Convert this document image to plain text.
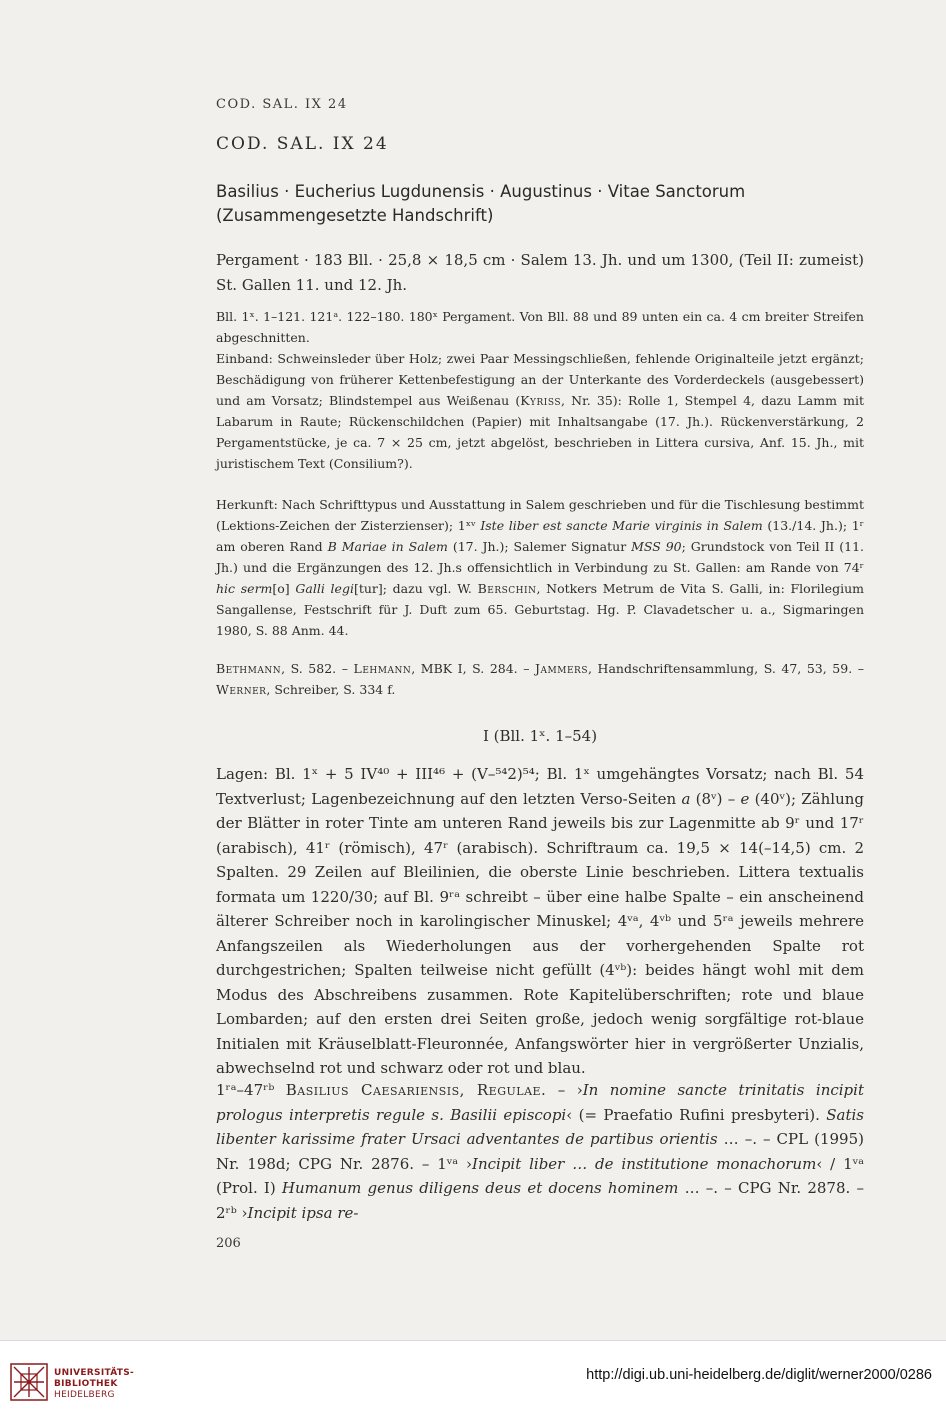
COD. SAL. IX 24
COD. SAL. IX 24
Basilius · Eucherius Lugdunensis · Augustinus · Vitae Sanctorum
(Zusammengesetzte Handschrift)
Pergament · 183 Bll. · 25,8 × 18,5 cm · Salem 13. Jh. und um 1300, (Teil II: zumeist) St. Gallen 11. und 12. Jh.
Bll. 1ˣ. 1–121. 121ᵃ. 122–180. 180ˣ Pergament. Von Bll. 88 und 89 unten ein ca. 4 cm breiter Streifen abgeschnitten.
Einband: Schweinsleder über Holz; zwei Paar Messingschließen, fehlende Originalteile jetzt ergänzt; Beschädigung von früherer Kettenbefestigung an der Unterkante des Vorderdeckels (ausgebessert) und am Vorsatz; Blindstempel aus Weißenau (Kyriss, Nr. 35): Rolle 1, Stempel 4, dazu Lamm mit Labarum in Raute; Rückenschildchen (Papier) mit Inhaltsangabe (17. Jh.). Rückenverstärkung, 2 Pergamentstücke, je ca. 7 × 25 cm, jetzt abgelöst, beschrieben in Littera cursiva, Anf. 15. Jh., mit juristischem Text (Consilium?).
Herkunft: Nach Schrifttypus und Ausstattung in Salem geschrieben und für die Tischlesung bestimmt (Lektions-Zeichen der Zisterzienser); 1ˣᵛ Iste liber est sancte Marie virginis in Salem (13./14. Jh.); 1ʳ am oberen Rand B Mariae in Salem (17. Jh.); Salemer Signatur MSS 90; Grundstock von Teil II (11. Jh.) und die Ergänzungen des 12. Jh.s offensichtlich in Verbindung zu St. Gallen: am Rande von 74ʳ hic serm[o] Galli legi[tur]; dazu vgl. W. Berschin, Notkers Metrum de Vita S. Galli, in: Florilegium Sangallense, Festschrift für J. Duft zum 65. Geburtstag. Hg. P. Clavadetscher u. a., Sigmaringen 1980, S. 88 Anm. 44.
Bethmann, S. 582. – Lehmann, MBK I, S. 284. – Jammers, Handschriftensammlung, S. 47, 53, 59. – Werner, Schreiber, S. 334 f.
I (Bll. 1ˣ. 1–54)
Lagen: Bl. 1ˣ + 5 IV⁴⁰ + III⁴⁶ + (V–⁵⁴2)⁵⁴; Bl. 1ˣ umgehängtes Vorsatz; nach Bl. 54 Textverlust; Lagenbezeichnung auf den letzten Verso-Seiten a (8ᵛ) – e (40ᵛ); Zählung der Blätter in roter Tinte am unteren Rand jeweils bis zur Lagenmitte ab 9ʳ und 17ʳ (arabisch), 41ʳ (römisch), 47ʳ (arabisch). Schriftraum ca. 19,5 × 14(–14,5) cm. 2 Spalten. 29 Zeilen auf Bleilinien, die oberste Linie beschrieben. Littera textualis formata um 1220/30; auf Bl. 9ʳᵃ schreibt – über eine halbe Spalte – ein anscheinend älterer Schreiber noch in karolingischer Minuskel; 4ᵛᵃ, 4ᵛᵇ und 5ʳᵃ jeweils mehrere Anfangszeilen als Wiederholungen aus der vorhergehenden Spalte rot durchgestrichen; Spalten teilweise nicht gefüllt (4ᵛᵇ): beides hängt wohl mit dem Modus des Abschreibens zusammen. Rote Kapitelüberschriften; rote und blaue Lombarden; auf den ersten drei Seiten große, jedoch wenig sorgfältige rot-blaue Initialen mit Kräuselblatt-Fleuronnée, Anfangswörter hier in vergrößerter Unzialis, abwechselnd rot und schwarz oder rot und blau.
1ʳᵃ–47ʳᵇ Basilius Caesariensis, Regulae. – ›In nomine sancte trinitatis incipit prologus interpretis regule s. Basilii episcopi‹ (= Praefatio Rufini presbyteri). Satis libenter karissime frater Ursaci adventantes de partibus orientis … –. – CPL (1995) Nr. 198d; CPG Nr. 2876. – 1ᵛᵃ ›Incipit liber … de institutione monachorum‹ / 1ᵛᵃ (Prol. I) Humanum genus diligens deus et docens hominem … –. – CPG Nr. 2878. – 2ʳᵇ ›Incipit ipsa re-
206
UNIVERSITÄTS-
BIBLIOTHEK
HEIDELBERG
http://digi.ub.uni-heidelberg.de/diglit/werner2000/0286
